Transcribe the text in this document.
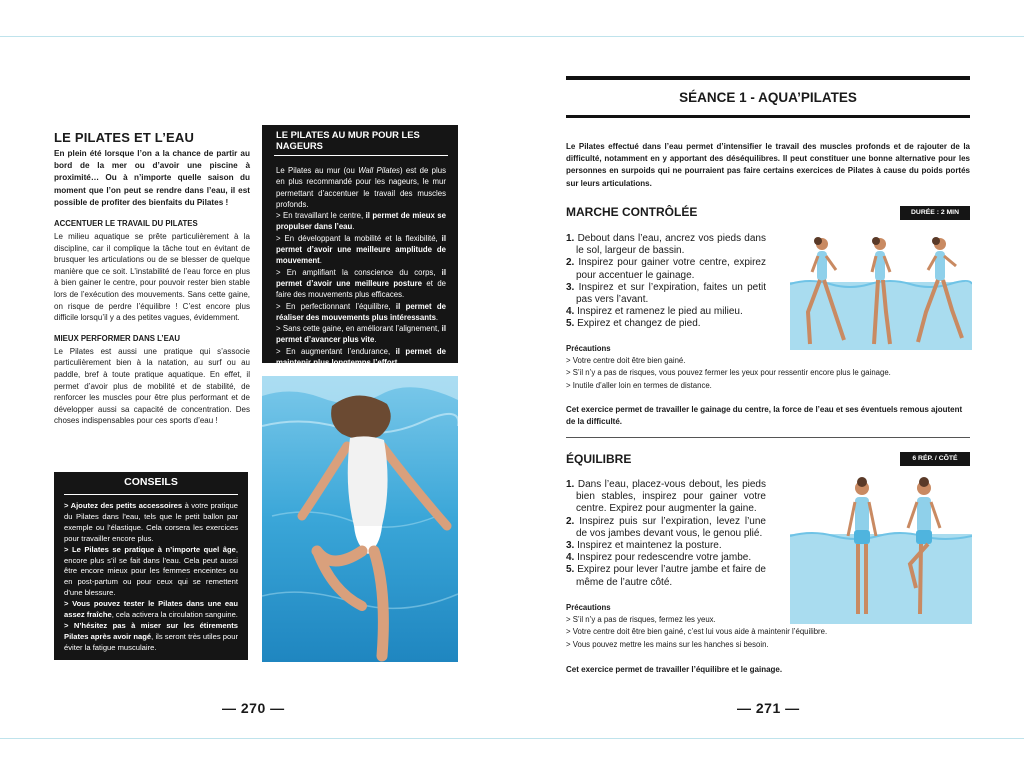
LE PILATES ET L’EAU

En plein été lorsque l’on a la chance de partir au bord de la mer ou d’avoir une piscine à proximité… Ou à n’importe quelle saison du moment que l’on peut se rendre dans l’eau, il est possible de profiter des bienfaits du Pilates !

ACCENTUER LE TRAVAIL DU PILATES

Le milieu aquatique se prête particulièrement à la discipline, car il complique la tâche tout en évitant de brusquer les articulations ou de se blesser de quelque manière que ce soit. L’instabilité de l’eau force en plus à bien gainer le centre, pour pouvoir rester bien stable lors de l’exécution des mouvements. Sans cette gaine, on risque de perdre l’équilibre ! C’est encore plus difficile lorsqu’il y a des petites vagues, évidemment.

MIEUX PERFORMER DANS L’EAU

Le Pilates est aussi une pratique qui s’associe particulièrement bien à la natation, au surf ou au paddle, bref à toute pratique aquatique. En effet, il permet d’avoir plus de mobilité et de stabilité, de renforcer les muscles pour être plus performant et de développer aussi sa capacité de concentration. Des choses indispensables pour ces sports d’eau !

CONSEILS

> Ajoutez des petits accessoires à votre pratique du Pilates dans l’eau, tels que le petit ballon par exemple ou l’élastique. Cela corsera les exercices pour travailler encore plus.
> Le Pilates se pratique à n’importe quel âge, encore plus s’il se fait dans l’eau. Cela peut aussi être encore mieux pour les femmes enceintes ou en post-partum ou pour ceux qui se remettent d’une blessure.
> Vous pouvez tester le Pilates dans une eau assez fraîche, cela activera la circulation sanguine.
> N’hésitez pas à miser sur les étirements Pilates après avoir nagé, ils seront très utiles pour éviter la fatigue musculaire.

LE PILATES AU MUR POUR LES NAGEURS

Le Pilates au mur (ou Wall Pilates) est de plus en plus recommandé pour les nageurs, le mur permettant d’accentuer le travail des muscles profonds.
> En travaillant le centre, il permet de mieux se propulser dans l’eau.
> En développant la mobilité et la flexibilité, il permet d’avoir une meilleure amplitude de mouvement.
> En amplifiant la conscience du corps, il permet d’avoir une meilleure posture et de faire des mouvements plus efficaces.
> En perfectionnant l’équilibre, il permet de réaliser des mouvements plus intéressants.
> Sans cette gaine, en améliorant l’alignement, il permet d’avancer plus vite.
> En augmentant l’endurance, il permet de maintenir plus longtemps l’effort.

— 270 —
SÉANCE 1 - AQUA’PILATES

Le Pilates effectué dans l’eau permet d’intensifier le travail des muscles profonds et de rajouter de la difficulté, notamment en y apportant des déséquilibres. Il peut constituer une bonne alternative pour les personnes en surpoids qui ne pourraient pas faire certains exercices de Pilates à cause du poids portés sur leurs articulations.

MARCHE CONTRÔLÉE	DURÉE : 2 MIN
1. Debout dans l’eau, ancrez vos pieds dans le sol, largeur de bassin.
2. Inspirez pour gainer votre centre, expirez pour accentuer le gainage.
3. Inspirez et sur l’expiration, faites un petit pas vers l’avant.
4. Inspirez et ramenez le pied au milieu.
5. Expirez et changez de pied.
Précautions
> Votre centre doit être bien gainé.
> S’il n’y a pas de risques, vous pouvez fermer les yeux pour ressentir encore plus le gainage.
> Inutile d’aller loin en termes de distance.

Cet exercice permet de travailler le gainage du centre, la force de l’eau et ses éventuels remous ajoutent de la difficulté.

ÉQUILIBRE	6 RÉP. / CÔTÉ
1. Dans l’eau, placez-vous debout, les pieds bien stables, inspirez pour gainer votre centre. Expirez pour augmenter la gaine.
2. Inspirez puis sur l’expiration, levez l’une de vos jambes devant vous, le genou plié.
3. Inspirez et maintenez la posture.
4. Inspirez pour redescendre votre jambe.
5. Expirez pour lever l’autre jambe et faire de même de l’autre côté.
Précautions
> S’il n’y a pas de risques, fermez les yeux.
> Votre centre doit être bien gainé, c’est lui vous aide à maintenir l’équilibre.
> Vous pouvez mettre les mains sur les hanches si besoin.

Cet exercice permet de travailler l’équilibre et le gainage.

— 271 —
